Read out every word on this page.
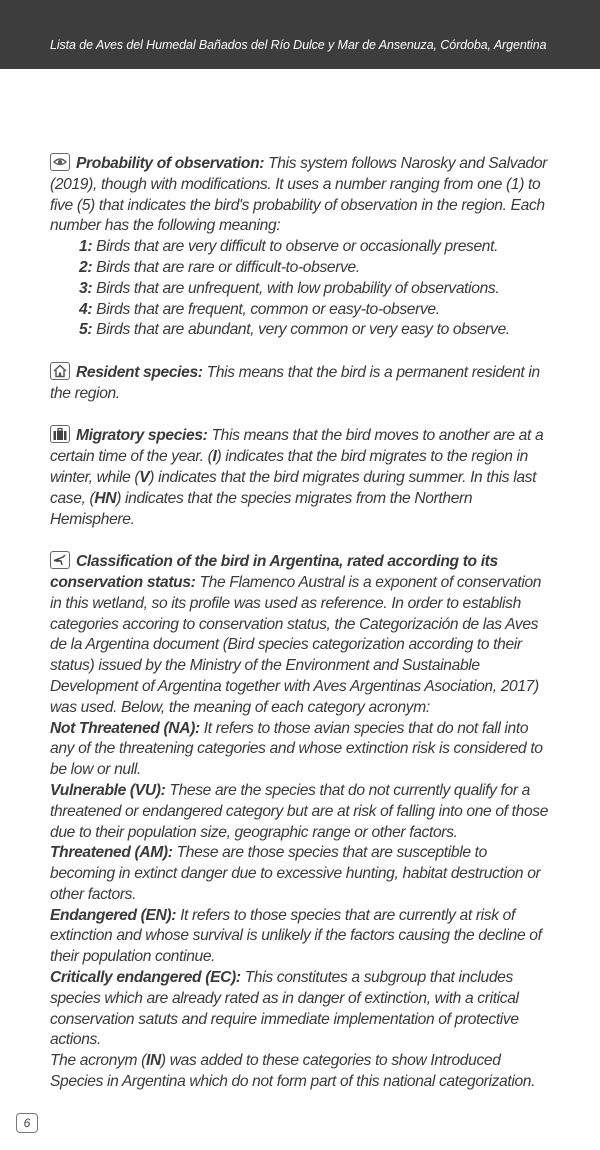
Lista de Aves del Humedal Bañados del Río Dulce y Mar de Ansenuza, Córdoba, Argentina
Probability of observation: This system follows Narosky and Salvador (2019), though with modifications. It uses a number ranging from one (1) to five (5) that indicates the bird's probability of observation in the region. Each number has the following meaning:
1: Birds that are very difficult to observe or occasionally present.
2: Birds that are rare or difficult-to-observe.
3: Birds that are unfrequent, with low probability of observations.
4: Birds that are frequent, common or easy-to-observe.
5: Birds that are abundant, very common or very easy to observe.
Resident species: This means that the bird is a permanent resident in the region.
Migratory species: This means that the bird moves to another are at a certain time of the year. (I) indicates that the bird migrates to the region in winter, while (V) indicates that the bird migrates during summer. In this last case, (HN) indicates that the species migrates from the Northern Hemisphere.
Classification of the bird in Argentina, rated according to its conservation status: The Flamenco Austral is a exponent of conservation in this wetland, so its profile was used as reference. In order to establish categories accoring to conservation status, the Categorización de las Aves de la Argentina document (Bird species categorization according to their status) issued by the Ministry of the Environment and Sustainable Development of Argentina together with Aves Argentinas Asociation, 2017) was used. Below, the meaning of each category acronym:
Not Threatened (NA): It refers to those avian species that do not fall into any of the threatening categories and whose extinction risk is considered to be low or null.
Vulnerable (VU): These are the species that do not currently qualify for a threatened or endangered category but are at risk of falling into one of those due to their population size, geographic range or other factors.
Threatened (AM): These are those species that are susceptible to becoming in extinct danger due to excessive hunting, habitat destruction or other factors.
Endangered (EN): It refers to those species that are currently at risk of extinction and whose survival is unlikely if the factors causing the decline of their population continue.
Critically endangered (EC): This constitutes a subgroup that includes species which are already rated as in danger of extinction, with a critical conservation satuts and require immediate implementation of protective actions.
The acronym (IN) was added to these categories to show Introduced Species in Argentina which do not form part of this national categorization.
6
